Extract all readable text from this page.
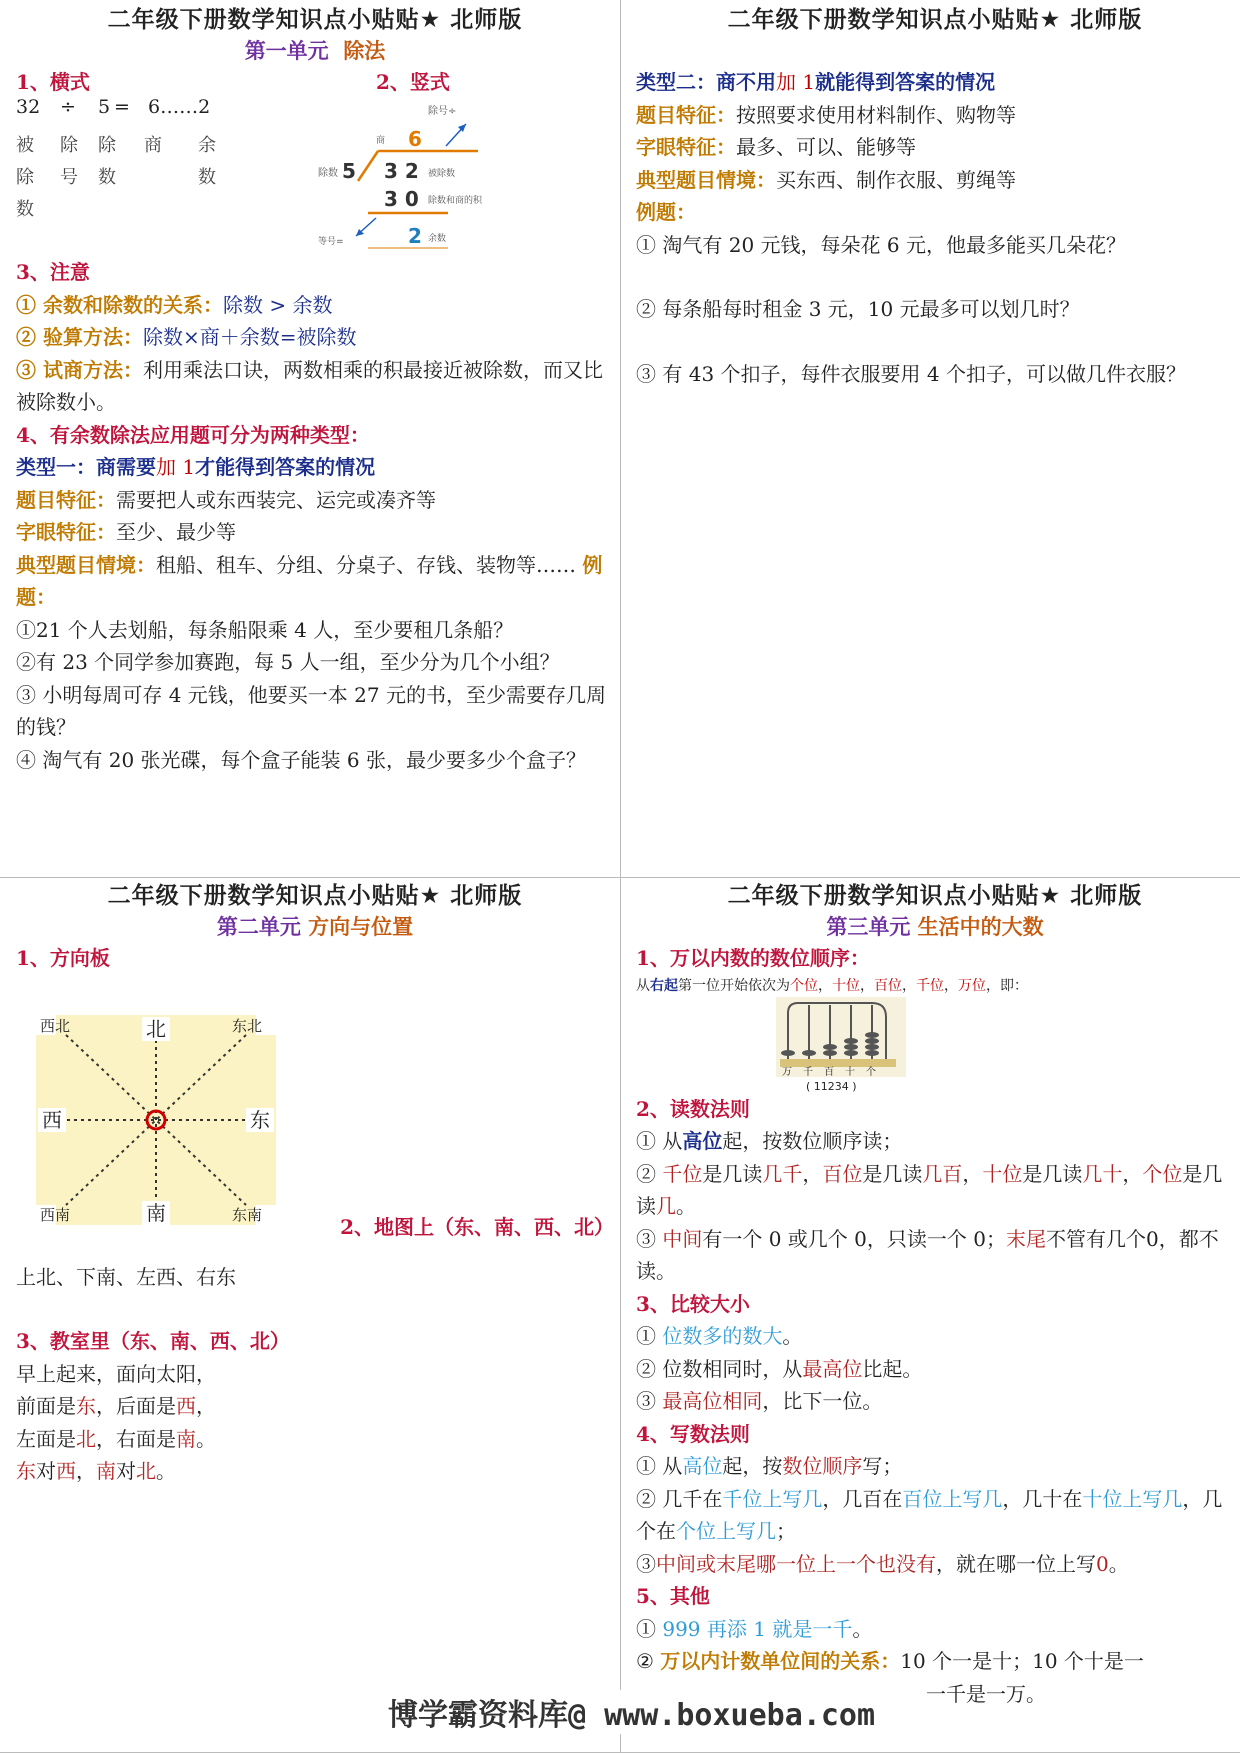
二年级下册数学知识点小贴贴★ 北师版
第一单元 除法
1、横式	2、竖式
32 ÷ 5 = 6……2
被
除
数
除
号
除
数
商 余
数
除号÷
商 6
除数 5 3 2 被除数
3 0 除数和商的积
等号=	2 余数
3、注意
① 余数和除数的关系：除数 > 余数
② 验算方法：除数×商＋余数=被除数
③ 试商方法：利用乘法口诀，两数相乘的积最接近被除数，而又比被除数小。
4、有余数除法应用题可分为两种类型：
类型一：商需要加 1才能得到答案的情况
题目特征：需要把人或东西装完、运完或凑齐等
字眼特征：至少、最少等
典型题目情境：租船、租车、分组、分桌子、存钱、装物等…… 例题：
①21 个人去划船，每条船限乘 4 人，至少要租几条船？
②有 23 个同学参加赛跑，每 5 人一组，至少分为几个小组？
③ 小明每周可存 4 元钱，他要买一本 27 元的书，至少需要存几周的钱？
④ 淘气有 20 张光碟，每个盒子能装 6 张，最少要多少个盒子？
二年级下册数学知识点小贴贴★ 北师版
类型二：商不用加 1就能得到答案的情况
题目特征：按照要求使用材料制作、购物等
字眼特征：最多、可以、能够等
典型题目情境：买东西、制作衣服、剪绳等
例题：
① 淘气有 20 元钱，每朵花 6 元，他最多能买几朵花？
② 每条船每时租金 3 元，10 元最多可以划几时？
③ 有 43 个扣子，每件衣服要用 4 个扣子，可以做几件衣服？
二年级下册数学知识点小贴贴★ 北师版
第二单元 方向与位置
1、方向板
北
南
西	东
西北	东北
西南	东南	2、地图上（东、南、西、北）
上北、下南、左西、右东
3、教室里（东、南、西、北）
早上起来，面向太阳，
前面是东，后面是西，
左面是北，右面是南。
东对西，南对北。
二年级下册数学知识点小贴贴★ 北师版
第三单元 生活中的大数
1、万以内数的数位顺序：
从右起第一位开始依次为个位，十位，百位，千位，万位，即：
万 千 百 十 个
( 11234 )
2、读数法则
① 从高位起，按数位顺序读；
② 千位是几读几千，百位是几读几百，十位是几读几十，个位是几读几。
③ 中间有一个 0 或几个 0，只读一个 0；末尾不管有几个0，都不读。
3、比较大小
① 位数多的数大。
② 位数相同时，从最高位比起。
③ 最高位相同，比下一位。
4、写数法则
① 从高位起，按数位顺序写；
② 几千在千位上写几，几百在百位上写几，几十在十位上写几，几个在个位上写几；
③中间或末尾哪一位上一个也没有，就在哪一位上写0。
5、其他
① 999 再添 1 就是一千。
② 万以内计数单位间的关系：10 个一是十；10 个十是一
一千是一万。
博学霸资料库@ www.boxueba.com
